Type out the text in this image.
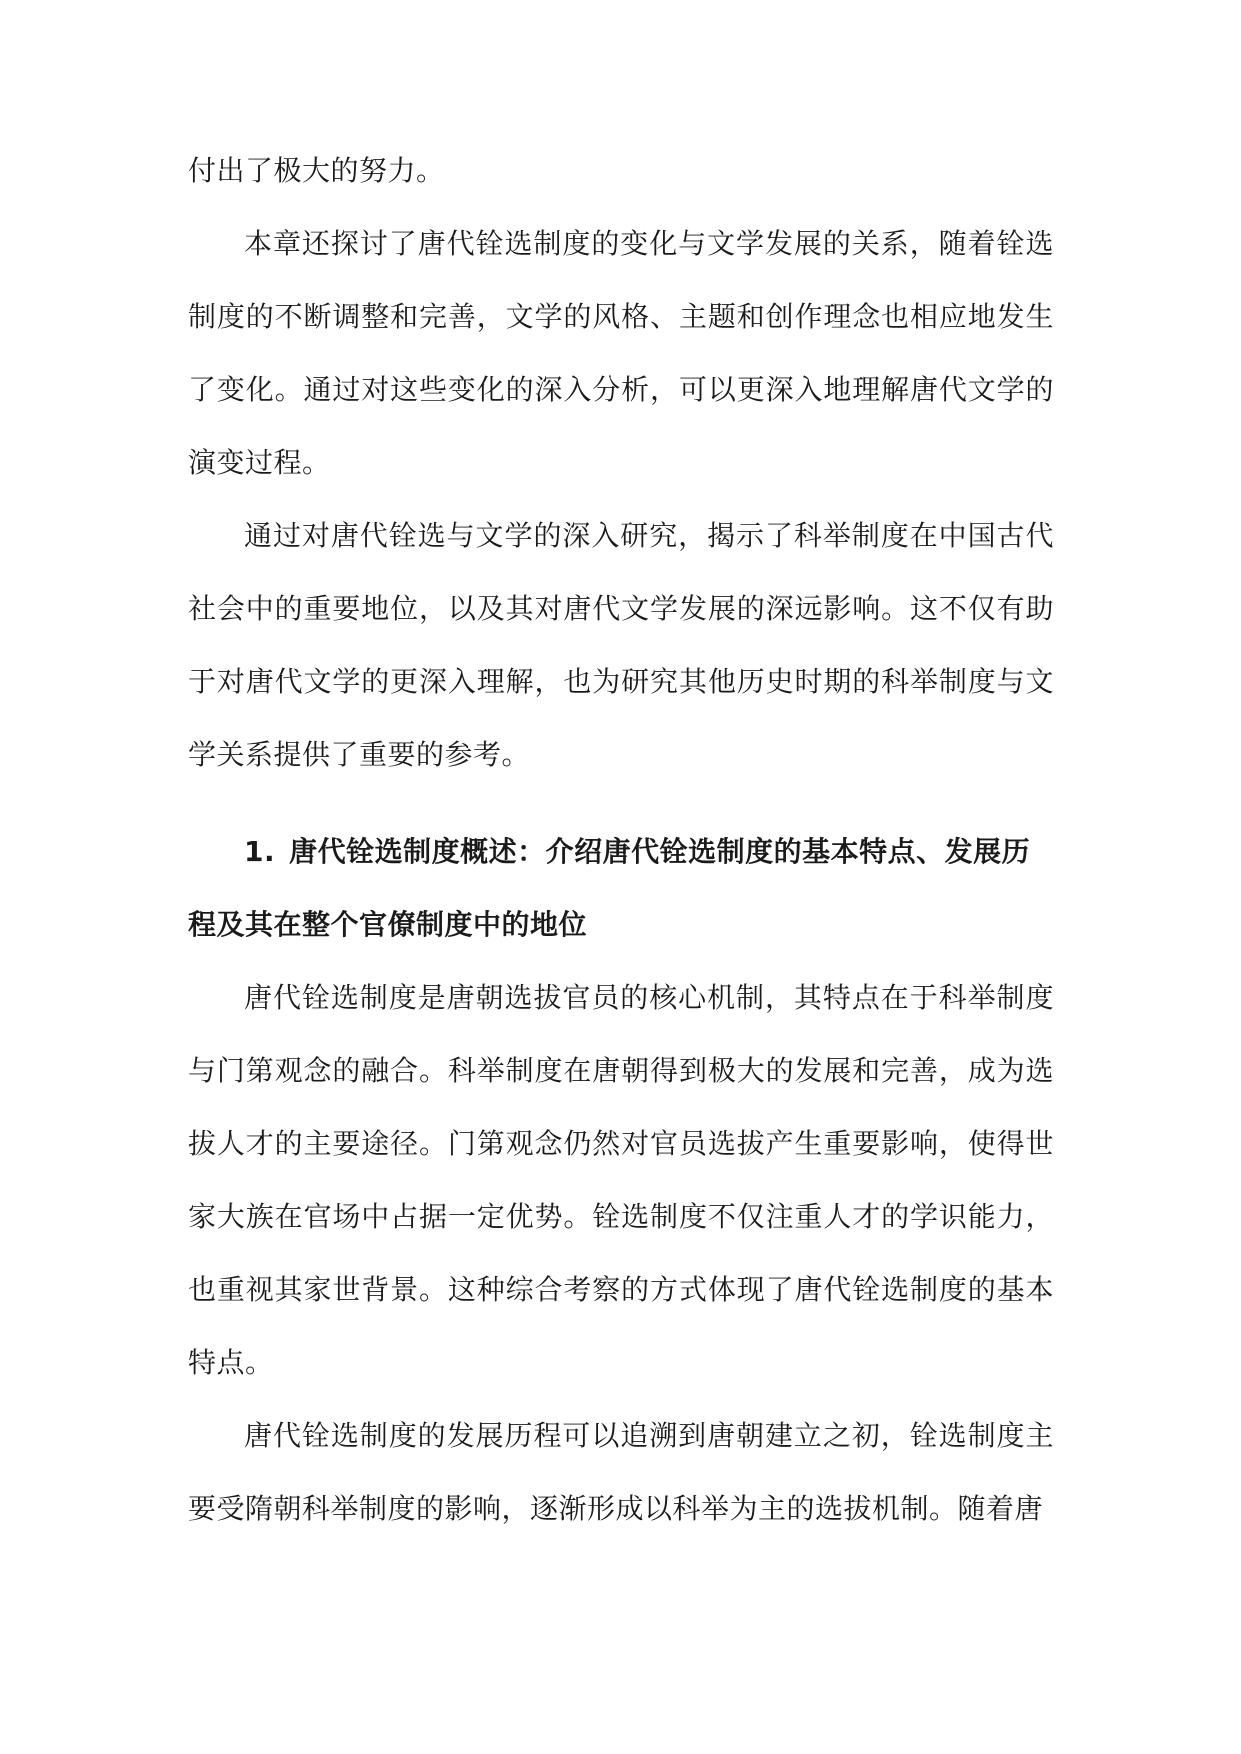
付出了极大的努力。

本章还探讨了唐代铨选制度的变化与文学发展的关系，随着铨选制度的不断调整和完善，文学的风格、主题和创作理念也相应地发生了变化。通过对这些变化的深入分析，可以更深入地理解唐代文学的演变过程。

通过对唐代铨选与文学的深入研究，揭示了科举制度在中国古代社会中的重要地位，以及其对唐代文学发展的深远影响。这不仅有助于对唐代文学的更深入理解，也为研究其他历史时期的科举制度与文学关系提供了重要的参考。

1. 唐代铨选制度概述：介绍唐代铨选制度的基本特点、发展历程及其在整个官僚制度中的地位

唐代铨选制度是唐朝选拔官员的核心机制，其特点在于科举制度与门第观念的融合。科举制度在唐朝得到极大的发展和完善，成为选拔人才的主要途径。门第观念仍然对官员选拔产生重要影响，使得世家大族在官场中占据一定优势。铨选制度不仅注重人才的学识能力，也重视其家世背景。这种综合考察的方式体现了唐代铨选制度的基本特点。

唐代铨选制度的发展历程可以追溯到唐朝建立之初，铨选制度主要受隋朝科举制度的影响，逐渐形成以科举为主的选拔机制。随着唐
